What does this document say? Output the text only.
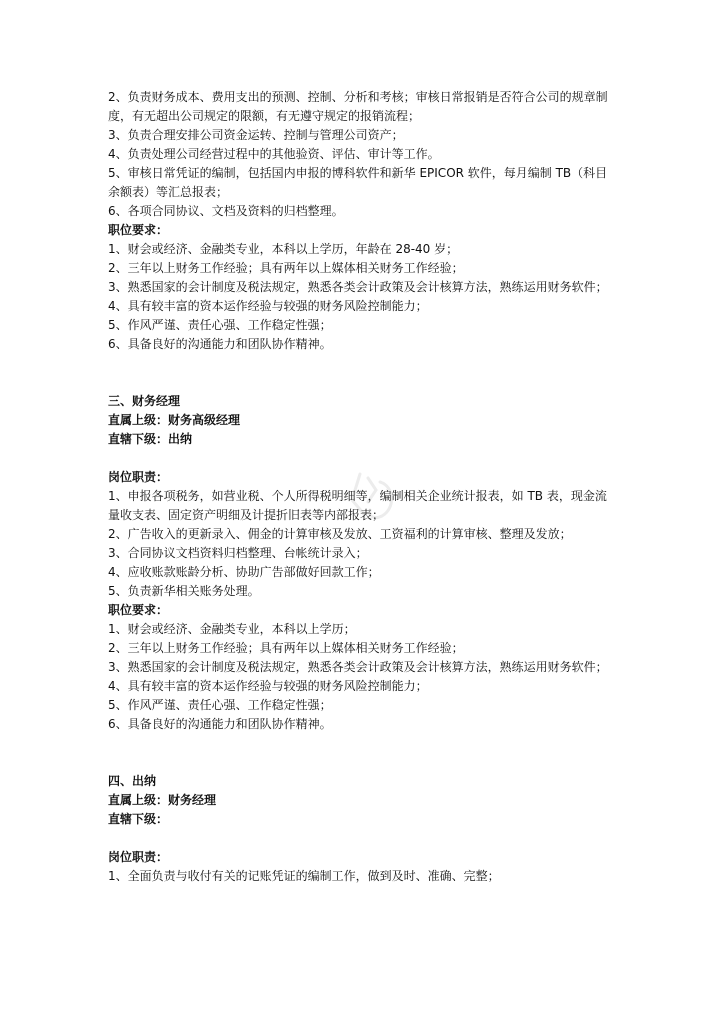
2、负责财务成本、费用支出的预测、控制、分析和考核；审核日常报销是否符合公司的规章制度，有无超出公司规定的限额，有无遵守规定的报销流程；
3、负责合理安排公司资金运转、控制与管理公司资产；
4、负责处理公司经营过程中的其他验资、评估、审计等工作。
5、审核日常凭证的编制，包括国内申报的博科软件和新华 EPICOR 软件，每月编制 TB（科目余额表）等汇总报表；
6、各项合同协议、文档及资料的归档整理。
职位要求：
1、财会或经济、金融类专业，本科以上学历，年龄在 28-40 岁；
2、三年以上财务工作经验；具有两年以上媒体相关财务工作经验；
3、熟悉国家的会计制度及税法规定，熟悉各类会计政策及会计核算方法，熟练运用财务软件；
4、具有较丰富的资本运作经验与较强的财务风险控制能力；
5、作风严谨、责任心强、工作稳定性强；
6、具备良好的沟通能力和团队协作精神。
三、财务经理
直属上级：财务高级经理
直辖下级：出纳
岗位职责：
1、申报各项税务，如营业税、个人所得税明细等，编制相关企业统计报表，如 TB 表，现金流量收支表、固定资产明细及计提折旧表等内部报表；
2、广告收入的更新录入、佣金的计算审核及发放、工资福利的计算审核、整理及发放；
3、合同协议文档资料归档整理、台帐统计录入；
4、应收账款账龄分析、协助广告部做好回款工作；
5、负责新华相关账务处理。
职位要求：
1、财会或经济、金融类专业，本科以上学历；
2、三年以上财务工作经验；具有两年以上媒体相关财务工作经验；
3、熟悉国家的会计制度及税法规定，熟悉各类会计政策及会计核算方法，熟练运用财务软件；
4、具有较丰富的资本运作经验与较强的财务风险控制能力；
5、作风严谨、责任心强、工作稳定性强；
6、具备良好的沟通能力和团队协作精神。
四、出纳
直属上级：财务经理
直辖下级：
岗位职责：
1、全面负责与收付有关的记账凭证的编制工作，做到及时、准确、完整；
